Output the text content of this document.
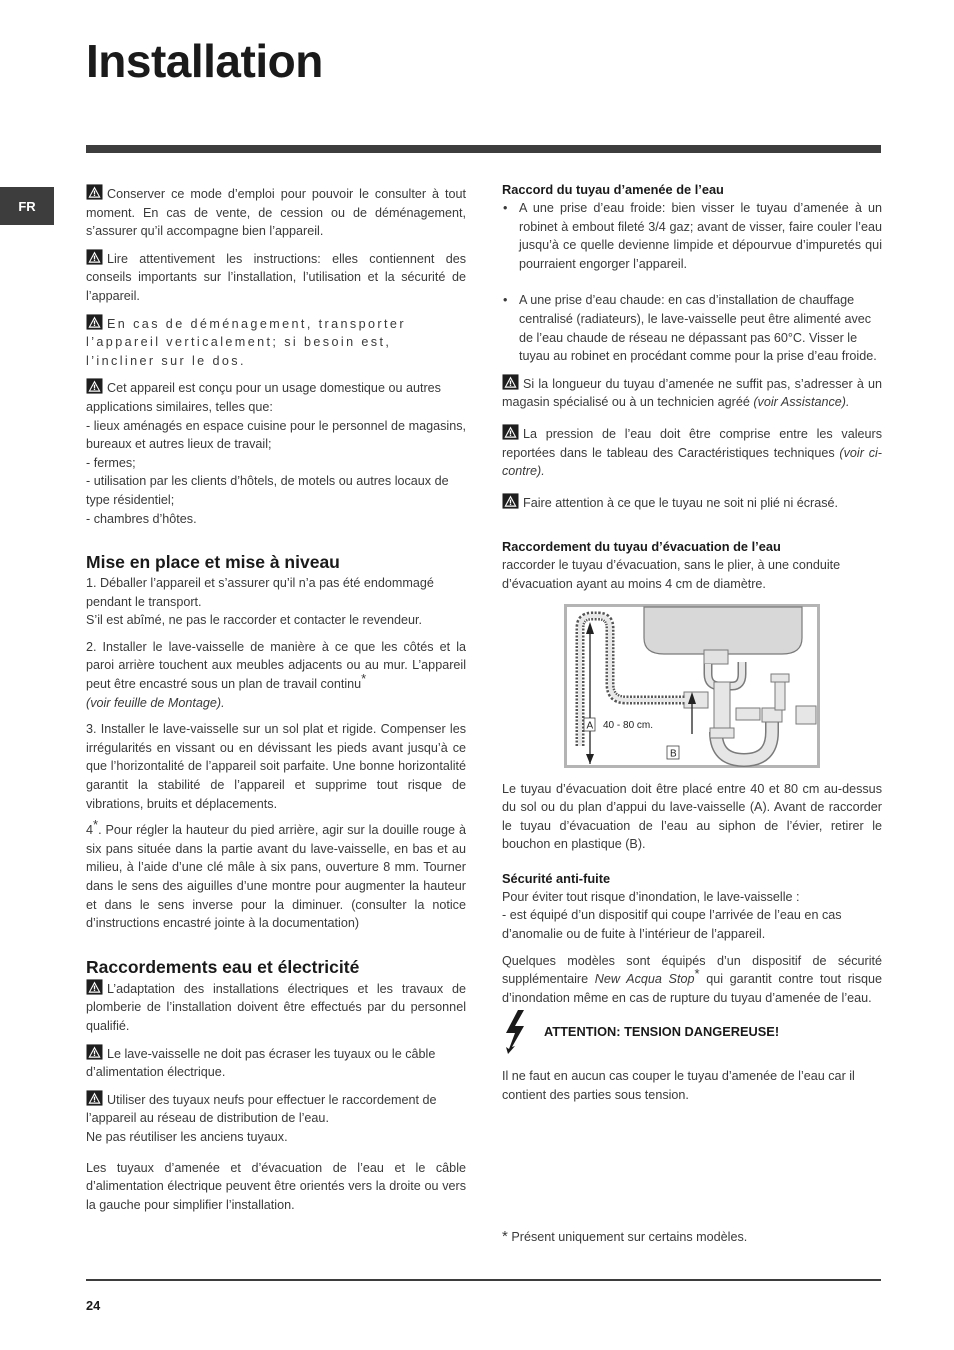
Installation
FR

Conserver ce mode d’emploi pour pouvoir le consulter à tout moment. En cas de vente, de cession ou de déménagement, s’assurer qu’il accompagne bien l’appareil.

Lire attentivement les instructions: elles contiennent des conseils importants sur l’installation, l’utilisation et la sécurité de l’appareil.

En cas de déménagement, transporter l’appareil verticalement; si besoin est, l’incliner sur le dos.

Cet appareil est conçu pour un usage domestique ou autres applications similaires, telles que:

- lieux aménagés en espace cuisine pour le personnel de magasins, bureaux et autres lieux de travail;
- fermes;
- utilisation par les clients d’hôtels, de motels ou autres locaux de type résidentiel;
- chambres d’hôtes.
Mise en place et mise à niveau
1. Déballer l’appareil et s’assurer qu’il n’a pas été endommagé pendant le transport.

S’il est abîmé, ne pas le raccorder et contacter le revendeur.

2. Installer le lave-vaisselle de manière à ce que les côtés et la paroi arrière touchent aux meubles adjacents ou au mur. L’appareil peut être encastré sous un plan de travail continu*
(voir feuille de Montage).

3. Installer le lave-vaisselle sur un sol plat et rigide. Compenser les irrégularités en vissant ou en dévissant les pieds avant jusqu’à ce que l’horizontalité de l’appareil soit parfaite. Une bonne horizontalité garantit la stabilité de l’appareil et supprime tout risque de vibrations, bruits et déplacements.

4*. Pour régler la hauteur du pied arrière, agir sur la douille rouge à six pans située dans la partie avant du lave-vaisselle, en bas et au milieu, à l’aide d’une clé mâle à six pans, ouverture 8 mm. Tourner dans le sens des aiguilles d’une montre pour augmenter la hauteur et dans le sens inverse pour la diminuer. (consulter la notice d’instructions encastré jointe à la documentation)

Raccordements eau et électricité

L’adaptation des installations électriques et les travaux de plomberie de l’installation doivent être effectués par du personnel qualifié.

Le lave-vaisselle ne doit pas écraser les tuyaux ou le câble d’alimentation électrique.

Utiliser des tuyaux neufs pour effectuer le raccordement de l’appareil au réseau de distribution de l’eau.
Ne pas réutiliser les anciens tuyaux.

Les tuyaux d’amenée et d’évacuation de l’eau et le câble d’alimentation électrique peuvent être orientés vers la droite ou vers la gauche pour simplifier l’installation.

Raccord du tuyau d’amenée de l’eau
• A une prise d’eau froide: bien visser le tuyau d’amenée à un robinet à embout fileté 3/4 gaz; avant de visser, faire couler l’eau jusqu’à ce quelle devienne limpide et dépourvue d’impuretés qui pourraient engorger l’appareil.
• A une prise d’eau chaude: en cas d’installation de chauffage centralisé (radiateurs), le lave-vaisselle peut être alimenté avec de l’eau chaude de réseau ne dépassant pas 60°C. Visser le tuyau au robinet en procédant comme pour la prise d’eau froide.

Si la longueur du tuyau d’amenée ne suffit pas, s’adresser à un magasin spécialisé ou à un technicien agréé (voir Assistance).

La pression de l’eau doit être comprise entre les valeurs reportées dans le tableau des Caractéristiques techniques (voir ci-contre).

Faire attention à ce que le tuyau ne soit ni plié ni écrasé.

Raccordement du tuyau d’évacuation de l’eau
raccorder le tuyau d’évacuation, sans le plier, à une conduite d’évacuation ayant au moins 4 cm de diamètre.
A 40 - 80 cm.
B

Le tuyau d’évacuation doit être placé entre 40 et 80 cm au-dessus du sol ou du plan d’appui du lave-vaisselle (A). Avant de raccorder le tuyau d’évacuation de l’eau au siphon de l’évier, retirer le bouchon en plastique (B).

Sécurité anti-fuite
Pour éviter tout risque d’inondation, le lave-vaisselle :

- est équipé d’un dispositif qui coupe l’arrivée de l’eau en cas d’anomalie ou de fuite à l’intérieur de l’appareil.

Quelques modèles sont équipés d’un dispositif de sécurité supplémentaire New Acqua Stop* qui garantit contre tout risque d’inondation même en cas de rupture du tuyau d’amenée de l’eau.
ATTENTION: TENSION DANGEREUSE!

Il ne faut en aucun cas couper le tuyau d’amenée de l’eau car il contient des parties sous tension.

* Présent uniquement sur certains modèles.
24
